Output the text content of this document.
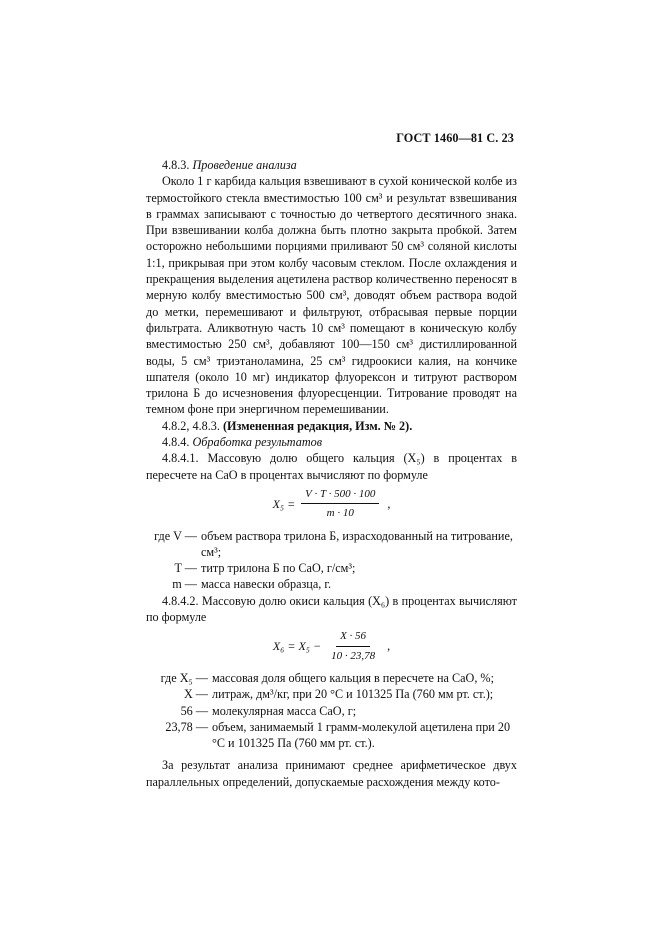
ГОСТ 1460—81 С. 23

4.8.3. Проведение анализа

Около 1 г карбида кальция взвешивают в сухой конической колбе из термостойкого стекла вместимостью 100 см³ и результат взвешивания в граммах записывают с точностью до четвертого десятичного знака. При взвешивании колба должна быть плотно закрыта пробкой. Затем осторожно небольшими порциями приливают 50 см³ соляной кислоты 1:1, прикрывая при этом колбу часовым стеклом. После охлаждения и прекращения выделения ацетилена раствор количественно переносят в мерную колбу вместимостью 500 см³, доводят объем раствора водой до метки, перемешивают и фильтруют, отбрасывая первые порции фильтрата. Аликвотную часть 10 см³ помещают в коническую колбу вместимостью 250 см³, добавляют 100—150 см³ дистиллированной воды, 5 см³ триэтаноламина, 25 см³ гидроокиси калия, на кончике шпателя (около 10 мг) индикатор флуорексон и титруют раствором трилона Б до исчезновения флуоресценции. Титрование проводят на темном фоне при энергичном перемешивании.

4.8.2, 4.8.3. (Измененная редакция, Изм. № 2).

4.8.4. Обработка результатов

4.8.4.1. Массовую долю общего кальция (X₅) в процентах в пересчете на CaO в процентах вычисляют по формуле

$X_5 = \frac{V \cdot T \cdot 500 \cdot 100}{m \cdot 10}$ ,
где V — объем раствора трилона Б, израсходованный на титрование, см³;
T — титр трилона Б по CaO, г/см³;
m — масса навески образца, г.

4.8.4.2. Массовую долю окиси кальция (X₆) в процентах вычисляют по формуле

$X_6 = X_5 - \frac{X \cdot 56}{10 \cdot 23,78}$ ,
где X₅ — массовая доля общего кальция в пересчете на CaO, %;
X — литраж, дм³/кг, при 20 °C и 101325 Па (760 мм рт. ст.);
56 — молекулярная масса CaO, г;
23,78 — объем, занимаемый 1 грамм-молекулой ацетилена при 20 °C и 101325 Па (760 мм рт. ст.).

За результат анализа принимают среднее арифметическое двух параллельных определений, допускаемые расхождения между кото-
